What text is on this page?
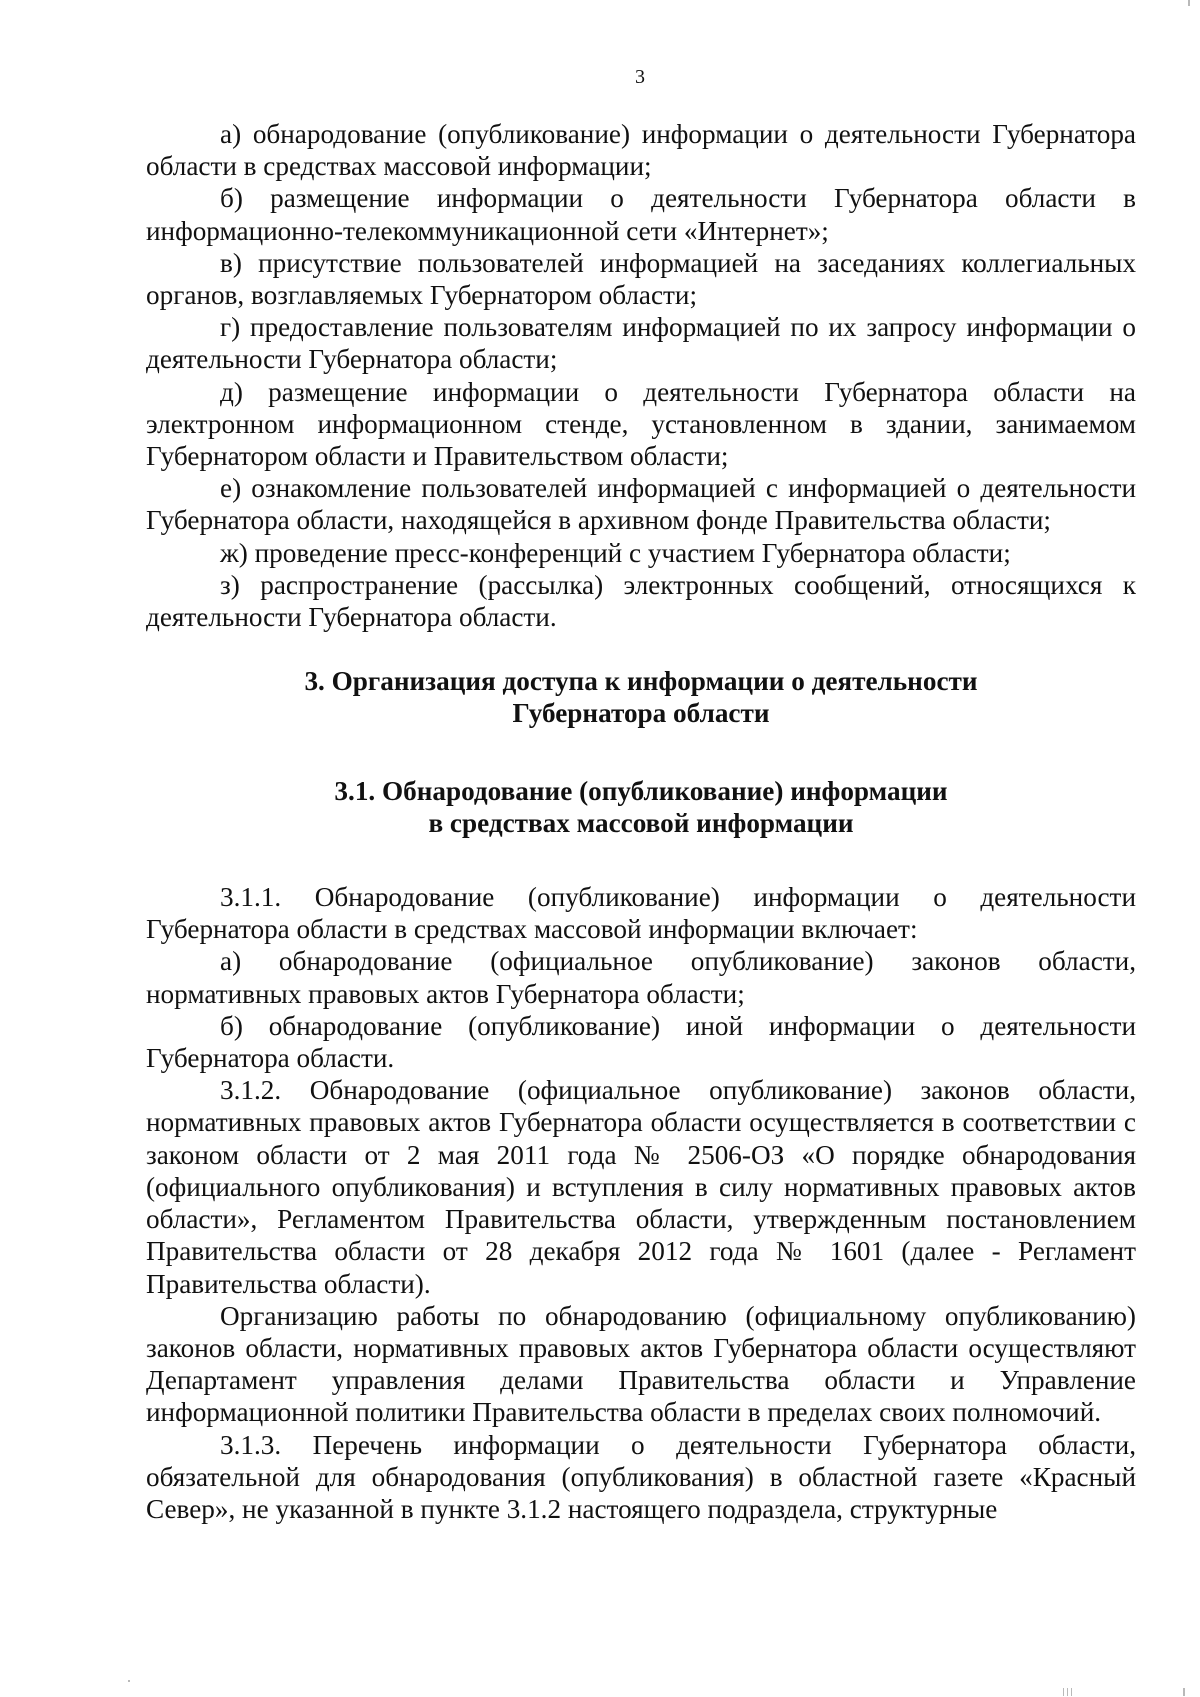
3

а) обнародование (опубликование) информации о деятельности Губернатора области в средствах массовой информации;

б) размещение информации о деятельности Губернатора области в информационно-телекоммуникационной сети «Интернет»;

в) присутствие пользователей информацией на заседаниях коллегиальных органов, возглавляемых Губернатором области;

г) предоставление пользователям информацией по их запросу информации о деятельности Губернатора области;

д) размещение информации о деятельности Губернатора области на электронном информационном стенде, установленном в здании, занимаемом Губернатором области и Правительством области;

е) ознакомление пользователей информацией с информацией о деятельности Губернатора области, находящейся в архивном фонде Правительства области;

ж) проведение пресс-конференций с участием Губернатора области;

з) распространение (рассылка) электронных сообщений, относящихся к деятельности Губернатора области.

3. Организация доступа к информации о деятельности
Губернатора области
3.1. Обнародование (опубликование) информации
в средствах массовой информации

3.1.1. Обнародование (опубликование) информации о деятельности Губернатора области в средствах массовой информации включает:

а) обнародование (официальное опубликование) законов области, нормативных правовых актов Губернатора области;

б) обнародование (опубликование) иной информации о деятельности Губернатора области.

3.1.2. Обнародование (официальное опубликование) законов области, нормативных правовых актов Губернатора области осуществляется в соответствии с законом области от 2 мая 2011 года № 2506-ОЗ «О порядке обнародования (официального опубликования) и вступления в силу нормативных правовых актов области», Регламентом Правительства области, утвержденным постановлением Правительства области от 28 декабря 2012 года № 1601 (далее - Регламент Правительства области).

Организацию работы по обнародованию (официальному опубликованию) законов области, нормативных правовых актов Губернатора области осуществляют Департамент управления делами Правительства области и Управление информационной политики Правительства области в пределах своих полномочий.

3.1.3. Перечень информации о деятельности Губернатора области, обязательной для обнародования (опубликования) в областной газете «Красный Север», не указанной в пункте 3.1.2 настоящего подраздела, структурные
